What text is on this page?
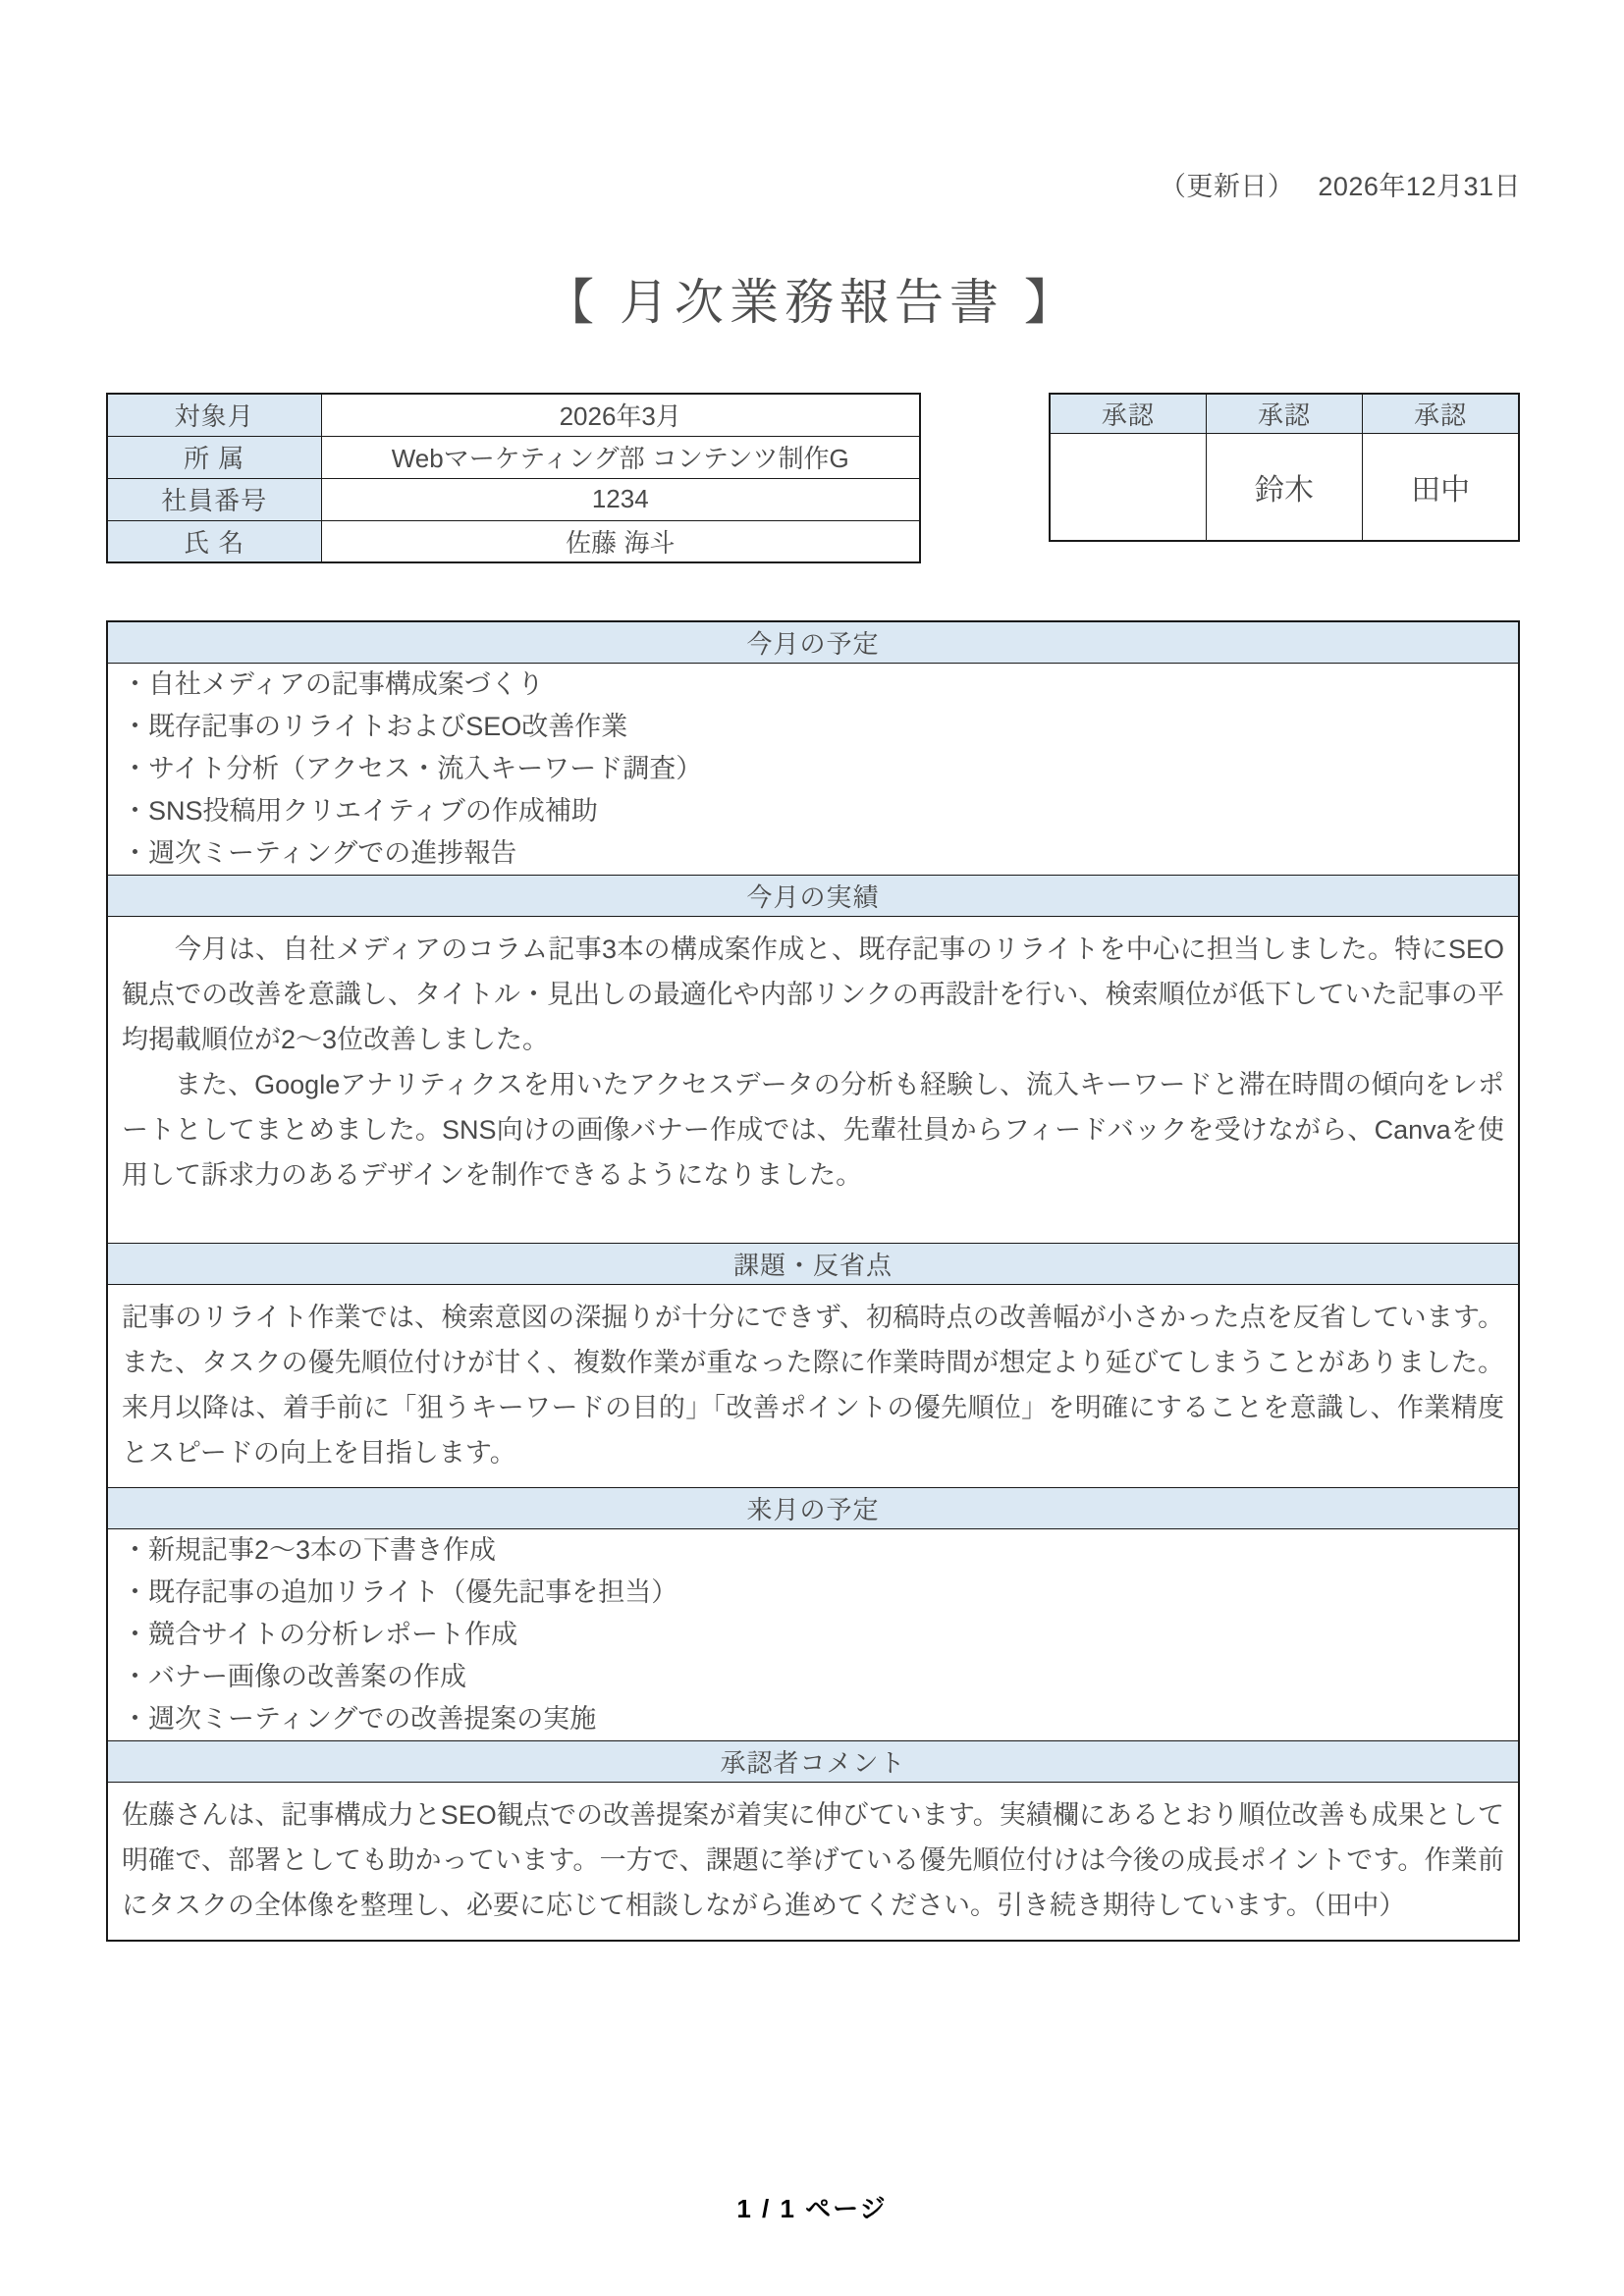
（更新日） 2026年12月31日
【 月次業務報告書 】
対象月	2026年3月
所 属	Webマーケティング部 コンテンツ制作G
社員番号	1234
氏 名	佐藤 海斗
承認	承認	承認
	鈴木	田中
今月の予定

・自社メディアの記事構成案づくり
・既存記事のリライトおよびSEO改善作業
・サイト分析（アクセス・流入キーワード調査）
・SNS投稿用クリエイティブの作成補助
・週次ミーティングでの進捗報告

今月の実績

今月は、自社メディアのコラム記事3本の構成案作成と、既存記事のリライトを中心に担当しました。特にSEO観点での改善を意識し、タイトル・見出しの最適化や内部リンクの再設計を行い、検索順位が低下していた記事の平均掲載順位が2〜3位改善しました。

また、Googleアナリティクスを用いたアクセスデータの分析も経験し、流入キーワードと滞在時間の傾向をレポートとしてまとめました。SNS向けの画像バナー作成では、先輩社員からフィードバックを受けながら、Canvaを使用して訴求力のあるデザインを制作できるようになりました。

課題・反省点

記事のリライト作業では、検索意図の深掘りが十分にできず、初稿時点の改善幅が小さかった点を反省しています。また、タスクの優先順位付けが甘く、複数作業が重なった際に作業時間が想定より延びてしまうことがありました。来月以降は、着手前に「狙うキーワードの目的」「改善ポイントの優先順位」を明確にすることを意識し、作業精度とスピードの向上を目指します。

来月の予定

・新規記事2〜3本の下書き作成
・既存記事の追加リライト（優先記事を担当）
・競合サイトの分析レポート作成
・バナー画像の改善案の作成
・週次ミーティングでの改善提案の実施

承認者コメント

佐藤さんは、記事構成力とSEO観点での改善提案が着実に伸びています。実績欄にあるとおり順位改善も成果として明確で、部署としても助かっています。一方で、課題に挙げている優先順位付けは今後の成長ポイントです。作業前にタスクの全体像を整理し、必要に応じて相談しながら進めてください。引き続き期待しています。（田中）

1 / 1 ページ
